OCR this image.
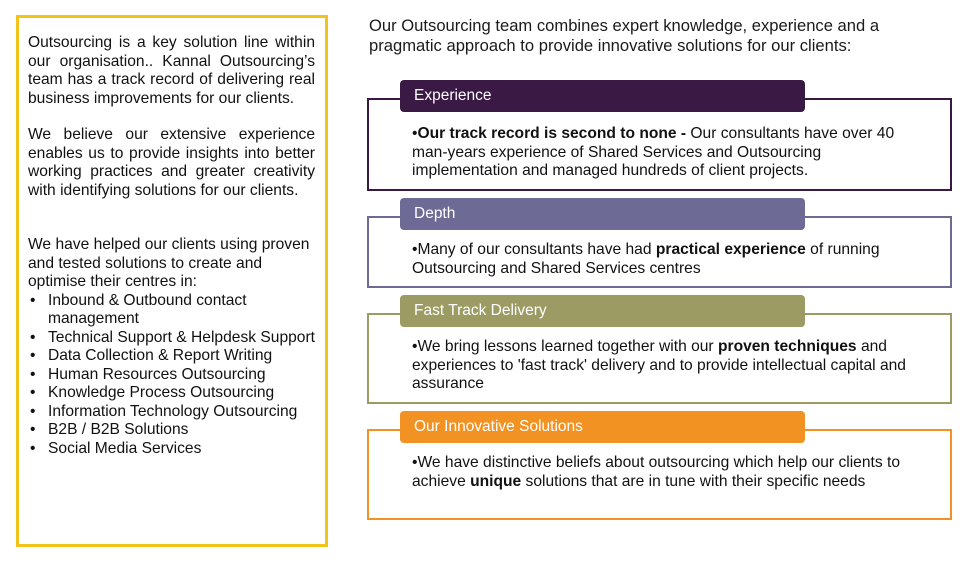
Outsourcing is a key solution line within our organisation.. Kannal Outsourcing’s team has a track record of delivering real business improvements for our clients.

We believe our extensive experience enables us to provide insights into better working practices and greater creativity with identifying solutions for our clients.

We have helped our clients using proven and tested solutions to create and optimise their centres in:

• Inbound & Outbound contact management
• Technical Support & Helpdesk Support
• Data Collection & Report Writing
• Human Resources Outsourcing
• Knowledge Process Outsourcing
• Information Technology Outsourcing
• B2B / B2B Solutions
• Social Media Services
Our Outsourcing team combines expert knowledge, experience and a pragmatic approach to provide innovative solutions for our clients:
Experience
•Our track record is second to none - Our consultants have over 40 man-years experience of Shared Services and Outsourcing implementation and managed hundreds of client projects.
Depth
•Many of our consultants have had practical experience of running Outsourcing and Shared Services centres
Fast Track Delivery
•We bring lessons learned together with our proven techniques and experiences to 'fast track' delivery and to provide intellectual capital and assurance
Our Innovative Solutions
•We have distinctive beliefs about outsourcing which help our clients to achieve unique solutions that are in tune with their specific needs
